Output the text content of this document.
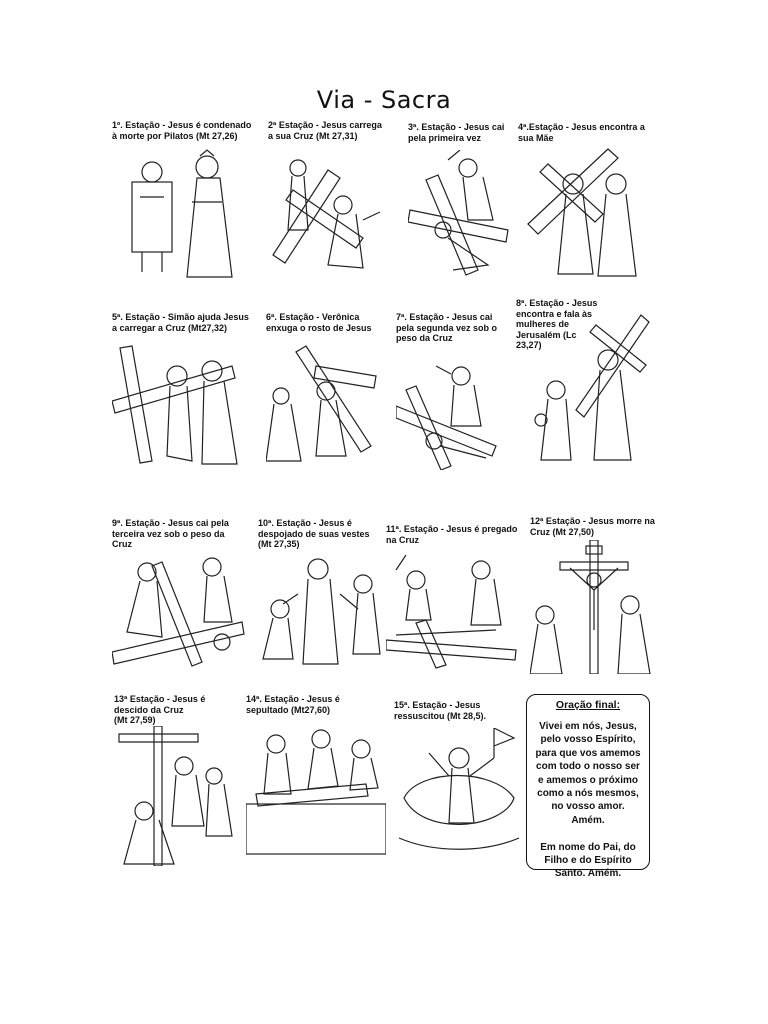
Via - Sacra
1º. Estação - Jesus é condenado
à morte por Pilatos (Mt 27,26)
2ª Estação - Jesus carrega
a sua Cruz (Mt 27,31)
3ª. Estação - Jesus cai
pela primeira vez
4ª.Estação - Jesus encontra a
sua Mãe
5ª. Estação - Simão ajuda Jesus
a carregar a Cruz (Mt27,32)
6ª. Estação - Verônica
enxuga o rosto de Jesus
7ª. Estação - Jesus cai
pela segunda vez sob o
peso da Cruz
8ª. Estação - Jesus
encontra e fala às
mulheres de
Jerusalém (Lc
23,27)
9ª. Estação - Jesus cai pela
terceira vez sob o peso da
Cruz
10ª. Estação - Jesus é
despojado de suas vestes
(Mt 27,35)
11ª. Estação - Jesus é pregado
na Cruz
12ª Estação - Jesus morre na
Cruz (Mt 27,50)
13ª Estação - Jesus é
descido da Cruz
(Mt 27,59)
14ª. Estação - Jesus é
sepultado (Mt27,60)	15ª. Estação - Jesus
ressuscitou (Mt 28,5).
Oração final:
Vivei em nós, Jesus,
pelo vosso Espírito,
para que vos amemos
com todo o nosso ser
e amemos o próximo
como a nós mesmos,
no vosso amor.
Amém.

Em nome do Pai, do
Filho e do Espírito
Santo. Amém.
